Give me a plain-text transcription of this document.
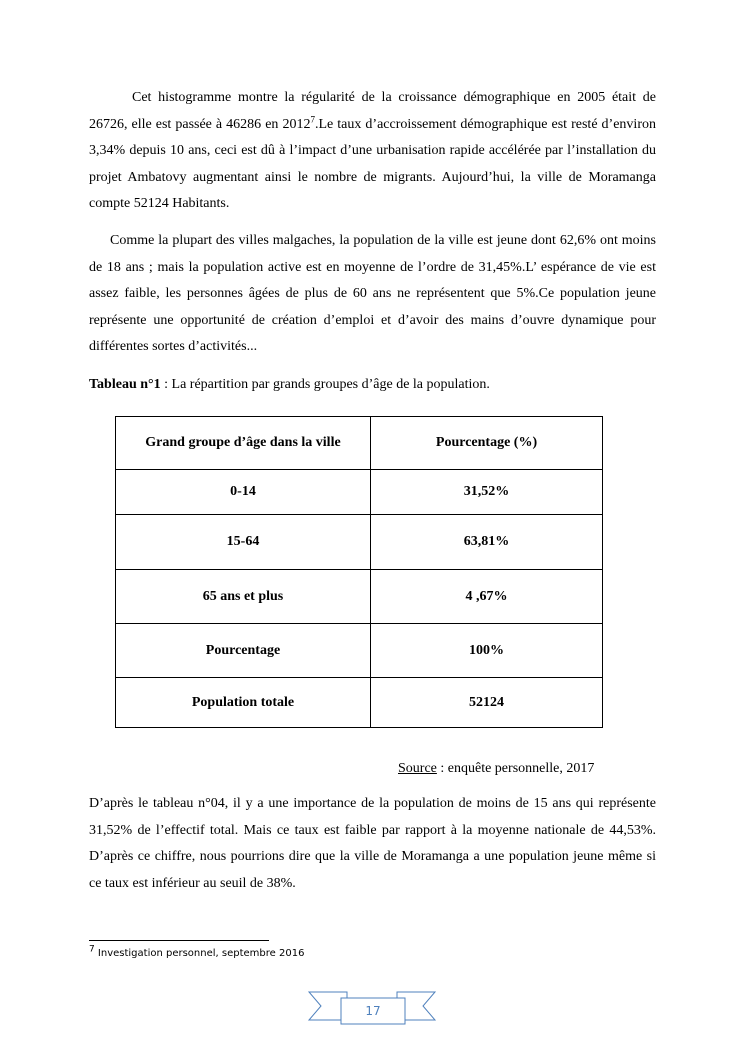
Cet histogramme montre la régularité de la croissance démographique en 2005 était de 26726, elle est passée à 46286 en 2012$^7$.Le taux d’accroissement démographique est resté d’environ 3,34% depuis 10 ans, ceci est dû à l’impact d’une urbanisation rapide accélérée par l’installation du projet Ambatovy augmentant ainsi le nombre de migrants. Aujourd’hui, la ville de Moramanga compte 52124 Habitants.

Comme la plupart des villes malgaches, la population de la ville est jeune dont 62,6% ont moins de 18 ans ; mais la population active est en moyenne de l’ordre de 31,45%.L’ espérance de vie est assez faible, les personnes âgées de plus de 60 ans ne représentent que 5%.Ce population jeune représente une opportunité de création d’emploi et d’avoir des mains d’ouvre dynamique pour différentes sortes d’activités...

Tableau n°1 : La répartition par grands groupes d’âge de la population.

Grand groupe d’âge dans la ville	Pourcentage (%)
0-14	31,52%
15-64	63,81%
65 ans et plus	4 ,67%
Pourcentage	100%
Population totale	52124
Source : enquête personnelle, 2017

D’après le tableau n°04, il y a une importance de la population de moins de 15 ans qui représente 31,52% de l’effectif total. Mais ce taux est faible par rapport à la moyenne nationale de 44,53%. D’après ce chiffre, nous pourrions dire que la ville de Moramanga a une population jeune même si ce taux est inférieur au seuil de 38%.

$^7$ Investigation personnel, septembre 2016
17
